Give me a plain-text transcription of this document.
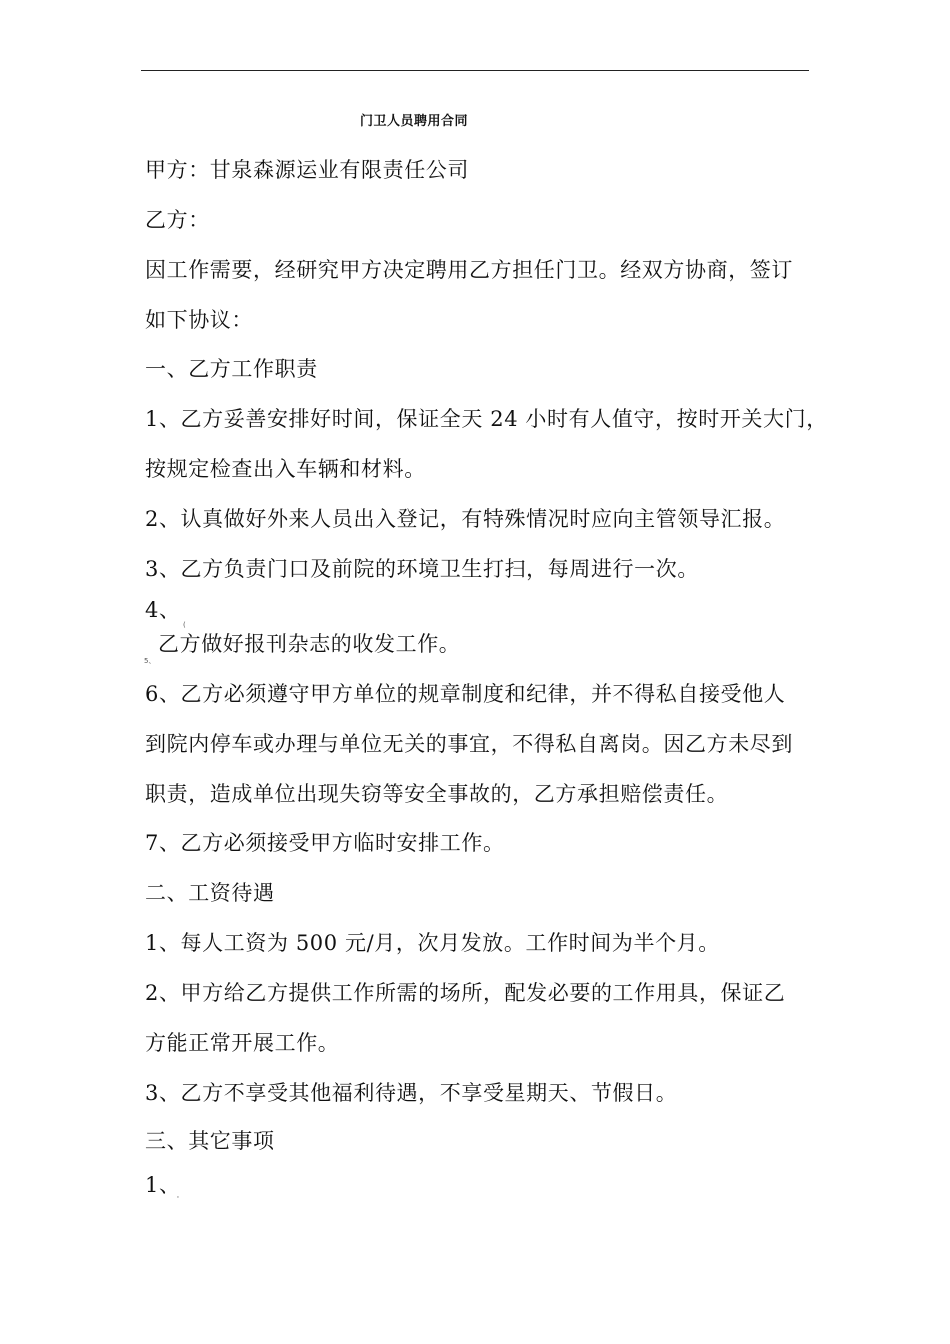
门卫人员聘用合同
甲方：甘泉森源运业有限责任公司
乙方：
因工作需要，经研究甲方决定聘用乙方担任门卫。经双方协商，签订
如下协议：
一、乙方工作职责
1、乙方妥善安排好时间，保证全天 24 小时有人值守，按时开关大门，
按规定检查出入车辆和材料。
2、认真做好外来人员出入登记，有特殊情况时应向主管领导汇报。
3、乙方负责门口及前院的环境卫生打扫，每周进行一次。
4、
(
乙方做好报刊杂志的收发工作。
5、
6、乙方必须遵守甲方单位的规章制度和纪律，并不得私自接受他人
到院内停车或办理与单位无关的事宜，不得私自离岗。因乙方未尽到
职责，造成单位出现失窃等安全事故的，乙方承担赔偿责任。
7、乙方必须接受甲方临时安排工作。
二、工资待遇
1、每人工资为 500 元/月，次月发放。工作时间为半个月。
2、甲方给乙方提供工作所需的场所，配发必要的工作用具，保证乙
方能正常开展工作。
3、乙方不享受其他福利待遇，不享受星期天、节假日。
三、其它事项
1、
'
